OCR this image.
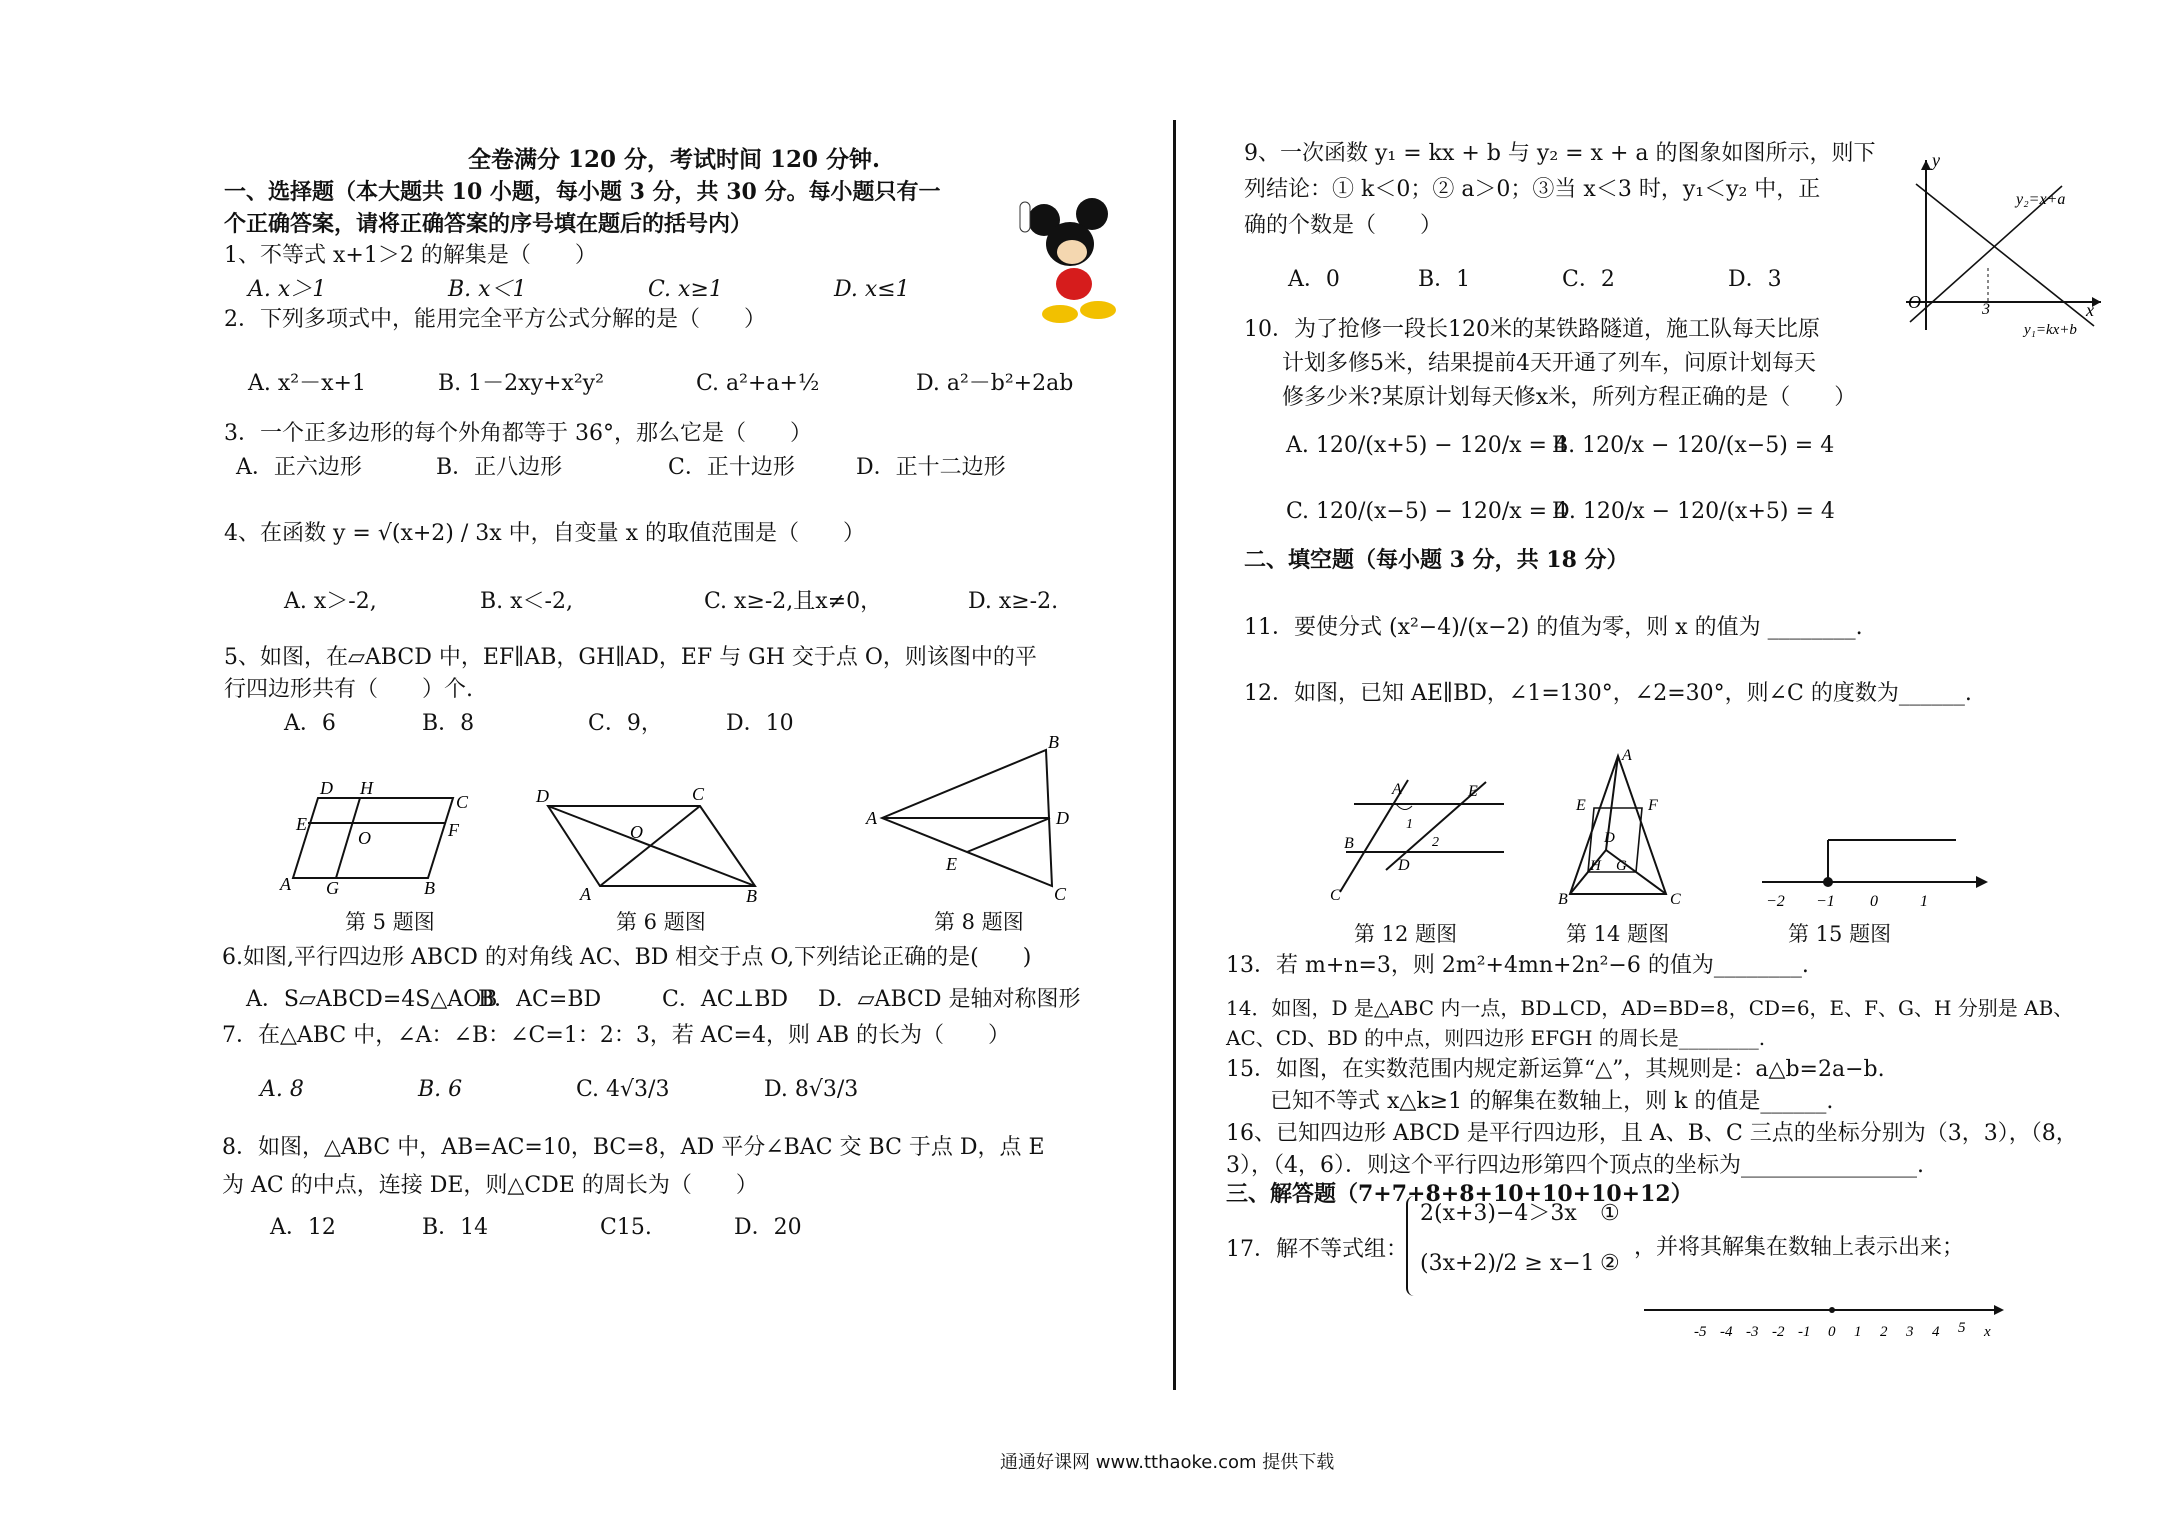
全卷满分 120 分，考试时间 120 分钟.
一、选择题（本大题共 10 小题，每小题 3 分，共 30 分。每小题只有一
个正确答案，请将正确答案的序号填在题后的括号内）
1、不等式 x+1＞2 的解集是（　　）
A. x＞1	B. x＜1	C. x≥1	D. x≤1
2．下列多项式中，能用完全平方公式分解的是（　　）
A. x²－x+1	B. 1－2xy+x²y²	C. a²+a+½	D. a²－b²+2ab
3．一个正多边形的每个外角都等于 36°，那么它是（　　）
A．正六边形	B．正八边形	C．正十边形	D．正十二边形
4、在函数 y = √(x+2) / 3x 中，自变量 x 的取值范围是（　　）
A. x＞-2,	B. x＜-2,	C. x≥-2,且x≠0，	D. x≥-2.
5、如图，在▱ABCD 中，EF∥AB，GH∥AD，EF 与 GH 交于点 O，则该图中的平
行四边形共有（　　）个.
A．6	B．8	C．9，	D．10
D H
C
E
O	F
A G	B
第 5 题图
D	C
O
A	B
第 6 题图
B
A	D
E
C
第 8 题图
6.如图,平行四边形 ABCD 的对角线 AC、BD 相交于点 O,下列结论正确的是(　　)
A．S▱ABCD=4S△AOBB．AC=BD	C．AC⊥BD D．▱ABCD 是轴对称图形
7．在△ABC 中，∠A：∠B：∠C=1：2：3，若 AC=4，则 AB 的长为（　　）
A. 8	B. 6	C. 4√3/3	D. 8√3/3
8．如图，△ABC 中，AB=AC=10，BC=8，AD 平分∠BAC 交 BC 于点 D，点 E
为 AC 的中点，连接 DE，则△CDE 的周长为（　　）
A．12	B．14	C15.	D．20
9、一次函数 y₁ = kx + b 与 y₂ = x + a 的图象如图所示，则下
列结论：① k＜0；② a＞0；③当 x＜3 时，y₁＜y₂ 中，正
确的个数是（　　）
A．0	B．1	C．2	D．3
y
x
O	3
y₂=x+a
y₁=kx+b
10．为了抢修一段长120米的某铁路隧道，施工队每天比原
计划多修5米，结果提前4天开通了列车，问原计划每天
修多少米?某原计划每天修x米，所列方程正确的是（　　）
A. 120/(x+5) − 120/x = 4B. 120/x − 120/(x−5) = 4
C. 120/(x−5) − 120/x = 4D. 120/x − 120/(x+5) = 4
二、填空题（每小题 3 分，共 18 分）
11．要使分式 (x²−4)/(x−2) 的值为零，则 x 的值为 ________.
12．如图，已知 AE∥BD，∠1=130°，∠2=30°，则∠C 的度数为______.
A	E
B
D
C
1
2
第 12 题图
A
E	F
D
H G
B	C
第 14 题图
−2 −1 0	1
第 15 题图
13．若 m+n=3，则 2m²+4mn+2n²−6 的值为________.
14．如图，D 是△ABC 内一点，BD⊥CD，AD=BD=8，CD=6，E、F、G、H 分别是 AB、
AC、CD、BD 的中点，则四边形 EFGH 的周长是________.
15．如图，在实数范围内规定新运算“△”，其规则是：a△b=2a−b.
已知不等式 x△k≥1 的解集在数轴上，则 k 的值是______.
16、已知四边形 ABCD 是平行四边形，且 A、B、C 三点的坐标分别为（3，3），（8，
3），（4，6）．则这个平行四边形第四个顶点的坐标为________________.
三、解答题（7+7+8+8+10+10+10+12）
17．解不等式组：
2(x+3)−4＞3x
(3x+2)/2 ≥ x−1
①
②
，并将其解集在数轴上表示出来；
-5 -4 -3 -2 -1 0 1 2 3 4 5 x
通通好课网 www.tthaoke.com 提供下载
